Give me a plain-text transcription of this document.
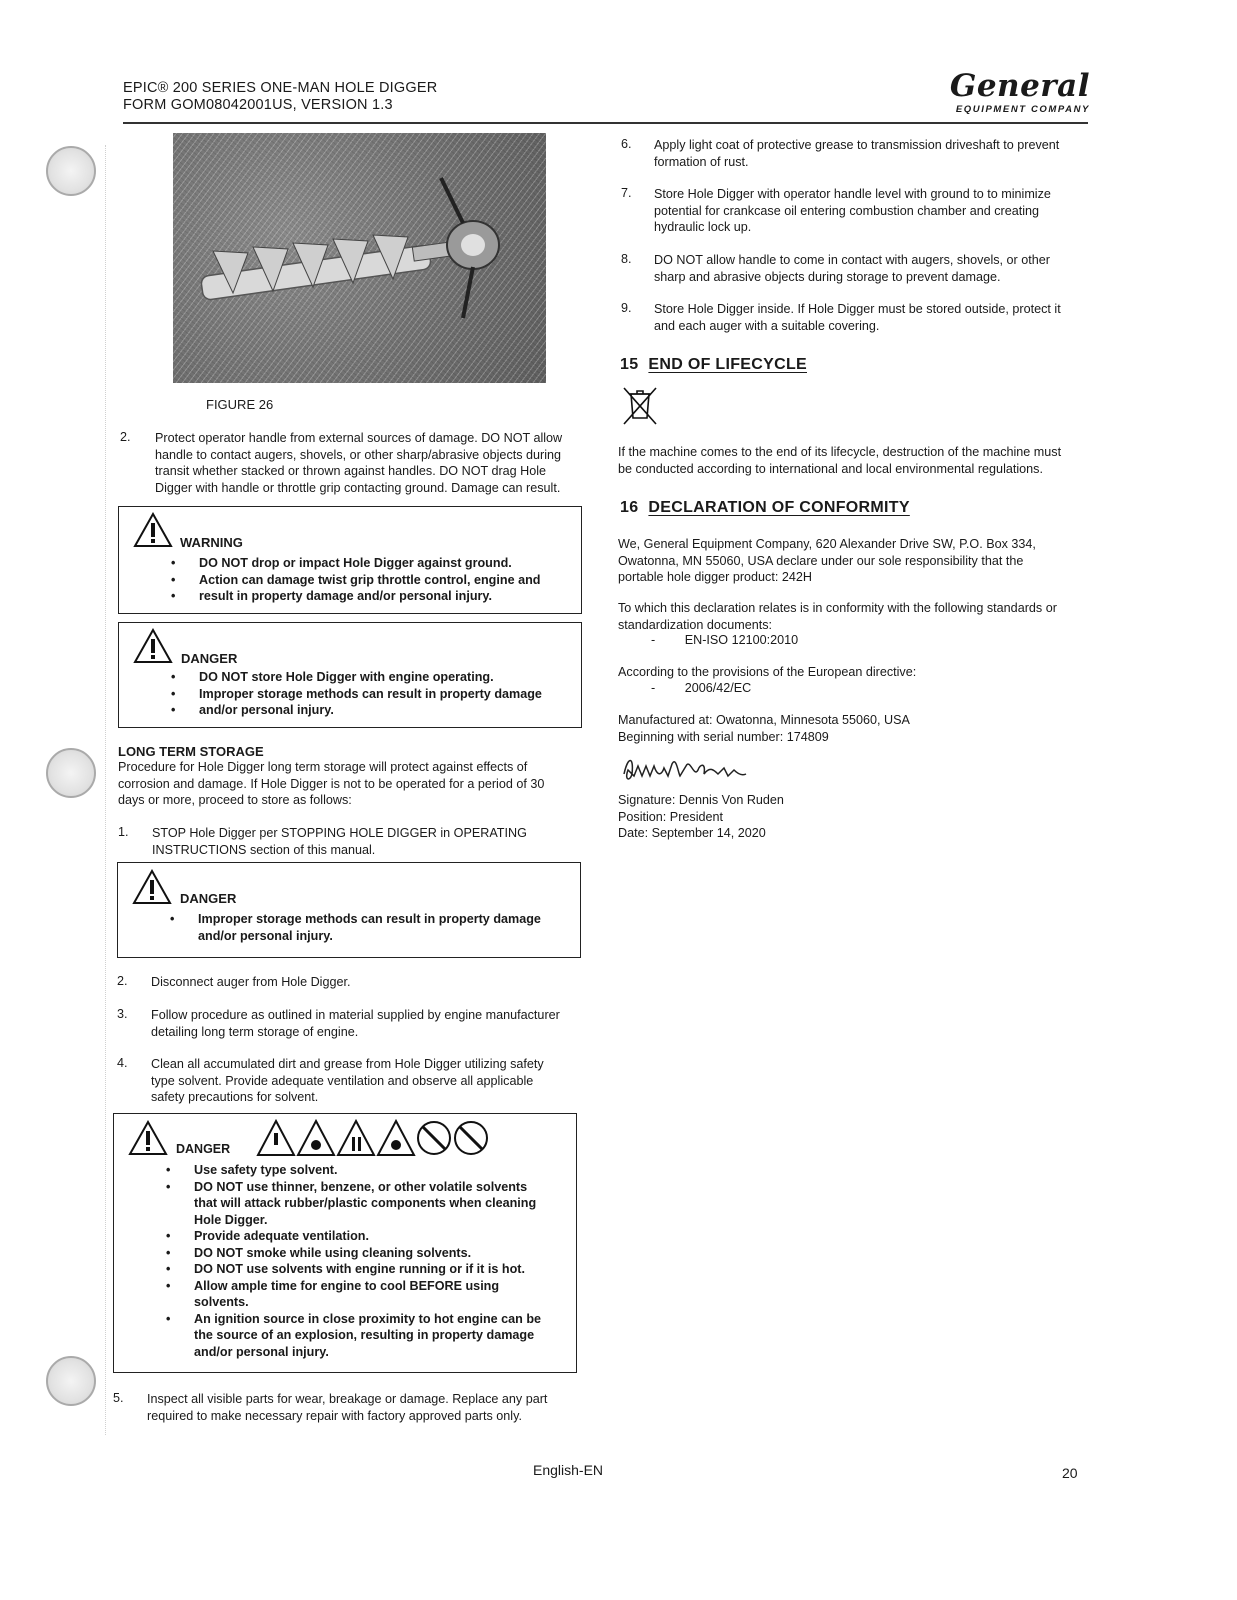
EPIC® 200 SERIES ONE-MAN HOLE DIGGER
FORM GOM08042001US, VERSION 1.3
General
EQUIPMENT COMPANY
FIGURE 26
2. Protect operator handle from external sources of damage. DO NOT allow
handle to contact augers, shovels, or other sharp/abrasive objects during
transit whether stacked or thrown against handles. DO NOT drag Hole
Digger with handle or throttle grip contacting ground. Damage can result.
WARNING
• DO NOT drop or impact Hole Digger against ground.
• Action can damage twist grip throttle control, engine and
• result in property damage and/or personal injury.
DANGER
• DO NOT store Hole Digger with engine operating.
• Improper storage methods can result in property damage
• and/or personal injury.
LONG TERM STORAGE
Procedure for Hole Digger long term storage will protect against effects of
corrosion and damage. If Hole Digger is not to be operated for a period of 30
days or more, proceed to store as follows:
1. STOP Hole Digger per STOPPING HOLE DIGGER in OPERATING
INSTRUCTIONS section of this manual.
DANGER
• Improper storage methods can result in property damage
and/or personal injury.
2. Disconnect auger from Hole Digger.
3. Follow procedure as outlined in material supplied by engine manufacturer
detailing long term storage of engine.
4. Clean all accumulated dirt and grease from Hole Digger utilizing safety
type solvent. Provide adequate ventilation and observe all applicable
safety precautions for solvent.
DANGER
• Use safety type solvent.
• DO NOT use thinner, benzene, or other volatile solvents
that will attack rubber/plastic components when cleaning
Hole Digger.
• Provide adequate ventilation.
• DO NOT smoke while using cleaning solvents.
• DO NOT use solvents with engine running or if it is hot.
• Allow ample time for engine to cool BEFORE using
solvents.
• An ignition source in close proximity to hot engine can be
the source of an explosion, resulting in property damage
and/or personal injury.
5. Inspect all visible parts for wear, breakage or damage. Replace any part
required to make necessary repair with factory approved parts only.
6. Apply light coat of protective grease to transmission driveshaft to prevent
formation of rust.
7. Store Hole Digger with operator handle level with ground to to minimize
potential for crankcase oil entering combustion chamber and creating
hydraulic lock up.
8. DO NOT allow handle to come in contact with augers, shovels, or other
sharp and abrasive objects during storage to prevent damage.
9. Store Hole Digger inside. If Hole Digger must be stored outside, protect it
and each auger with a suitable covering.
15 END OF LIFECYCLE
If the machine comes to the end of its lifecycle, destruction of the machine must
be conducted according to international and local environmental regulations.
16 DECLARATION OF CONFORMITY
We, General Equipment Company, 620 Alexander Drive SW, P.O. Box 334,
Owatonna, MN 55060, USA declare under our sole responsibility that the
portable hole digger product: 242H
To which this declaration relates is in conformity with the following standards or
standardization documents:
- EN-ISO 12100:2010
According to the provisions of the European directive:
- 2006/42/EC
Manufactured at: Owatonna, Minnesota 55060, USA
Beginning with serial number: 174809
Signature: Dennis Von Ruden
Position: President
Date: September 14, 2020
English-EN	20
